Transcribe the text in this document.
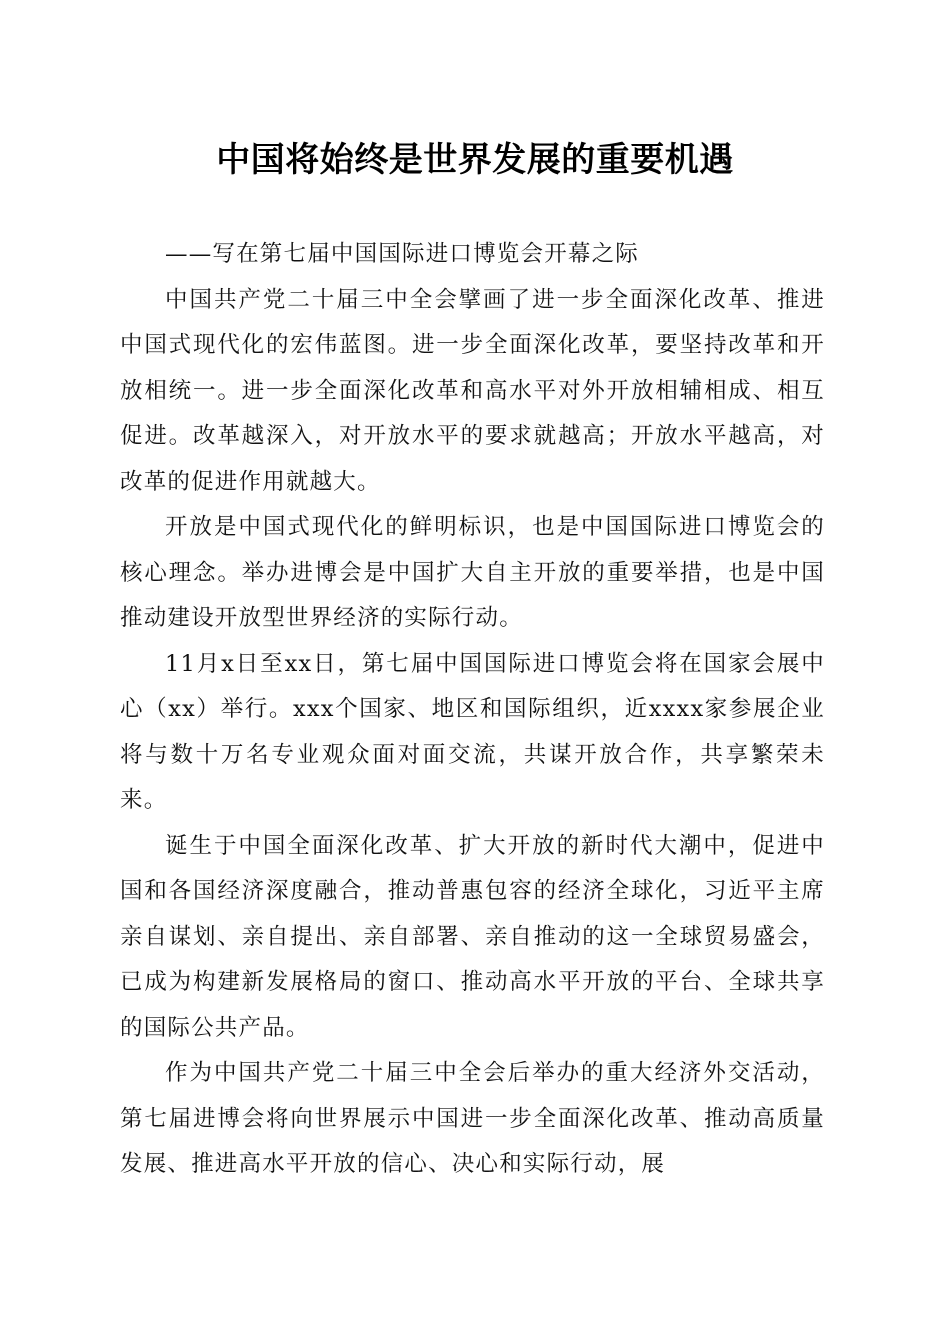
中国将始终是世界发展的重要机遇

——写在第七届中国国际进口博览会开幕之际

中国共产党二十届三中全会擘画了进一步全面深化改革、推进中国式现代化的宏伟蓝图。进一步全面深化改革，要坚持改革和开放相统一。进一步全面深化改革和高水平对外开放相辅相成、相互促进。改革越深入，对开放水平的要求就越高；开放水平越高，对改革的促进作用就越大。

开放是中国式现代化的鲜明标识，也是中国国际进口博览会的核心理念。举办进博会是中国扩大自主开放的重要举措，也是中国推动建设开放型世界经济的实际行动。

11月x日至xx日，第七届中国国际进口博览会将在国家会展中心（xx）举行。xxx个国家、地区和国际组织，近xxxx家参展企业将与数十万名专业观众面对面交流，共谋开放合作，共享繁荣未来。

诞生于中国全面深化改革、扩大开放的新时代大潮中，促进中国和各国经济深度融合，推动普惠包容的经济全球化，习近平主席亲自谋划、亲自提出、亲自部署、亲自推动的这一全球贸易盛会，已成为构建新发展格局的窗口、推动高水平开放的平台、全球共享的国际公共产品。

作为中国共产党二十届三中全会后举办的重大经济外交活动，第七届进博会将向世界展示中国进一步全面深化改革、推动高质量发展、推进高水平开放的信心、决心和实际行动，展
